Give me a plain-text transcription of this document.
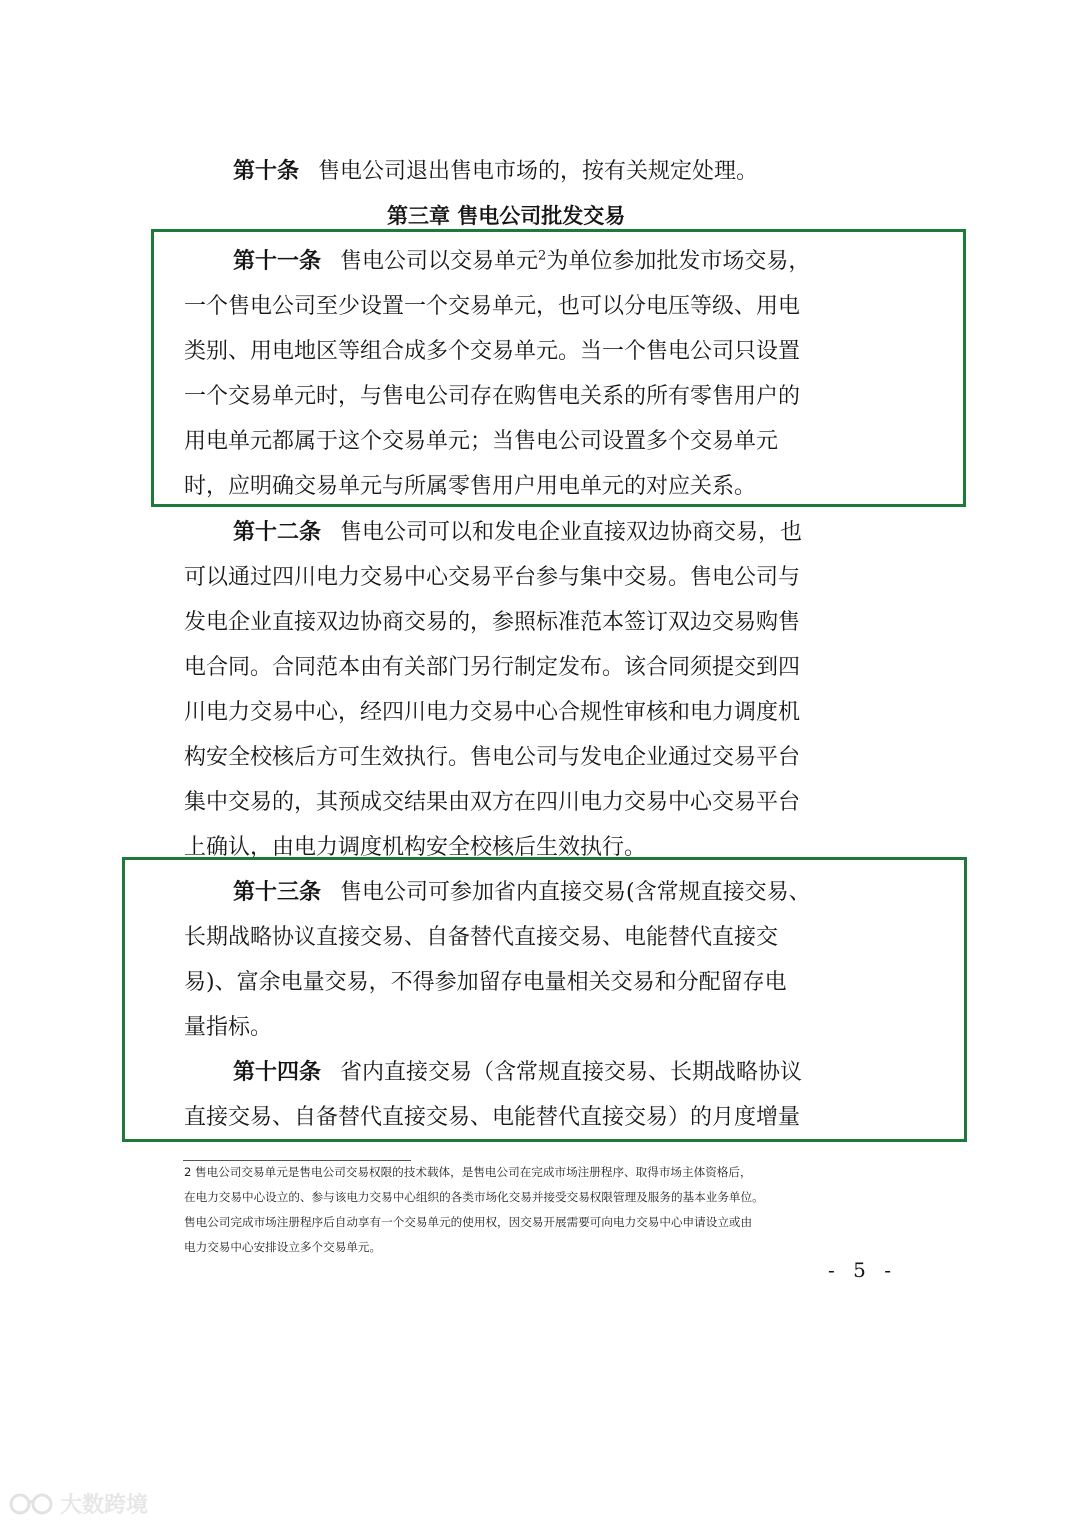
第十条 售电公司退出售电市场的，按有关规定处理。
第三章 售电公司批发交易
第十一条 售电公司以交易单元$^2$为单位参加批发市场交易，
一个售电公司至少设置一个交易单元，也可以分电压等级、用电
类别、用电地区等组合成多个交易单元。当一个售电公司只设置
一个交易单元时，与售电公司存在购售电关系的所有零售用户的
用电单元都属于这个交易单元；当售电公司设置多个交易单元
时，应明确交易单元与所属零售用户用电单元的对应关系。
第十二条 售电公司可以和发电企业直接双边协商交易，也
可以通过四川电力交易中心交易平台参与集中交易。售电公司与
发电企业直接双边协商交易的，参照标准范本签订双边交易购售
电合同。合同范本由有关部门另行制定发布。该合同须提交到四
川电力交易中心，经四川电力交易中心合规性审核和电力调度机
构安全校核后方可生效执行。售电公司与发电企业通过交易平台
集中交易的，其预成交结果由双方在四川电力交易中心交易平台
上确认，由电力调度机构安全校核后生效执行。
第十三条 售电公司可参加省内直接交易(含常规直接交易、
长期战略协议直接交易、自备替代直接交易、电能替代直接交
易)、富余电量交易，不得参加留存电量相关交易和分配留存电
量指标。
第十四条 省内直接交易（含常规直接交易、长期战略协议
直接交易、自备替代直接交易、电能替代直接交易）的月度增量
2 售电公司交易单元是售电公司交易权限的技术载体，是售电公司在完成市场注册程序、取得市场主体资格后，
在电力交易中心设立的、参与该电力交易中心组织的各类市场化交易并接受交易权限管理及服务的基本业务单位。
售电公司完成市场注册程序后自动享有一个交易单元的使用权，因交易开展需要可向电力交易中心申请设立或由
电力交易中心安排设立多个交易单元。
- 5 -
大数跨境
